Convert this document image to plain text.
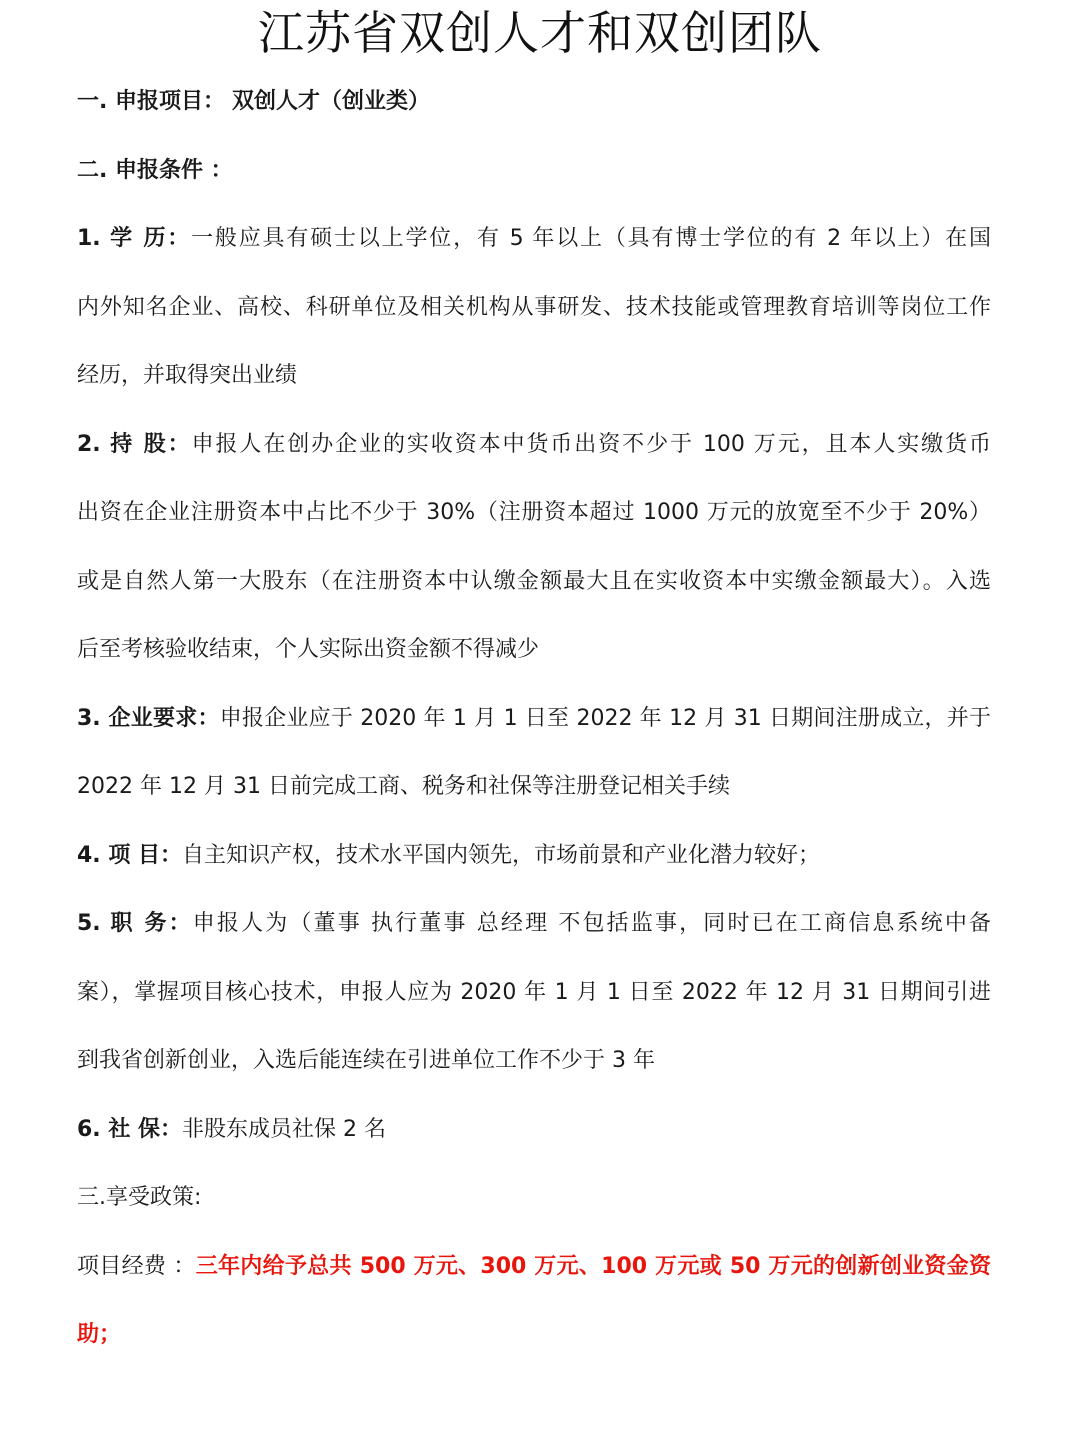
江苏省双创人才和双创团队
一. 申报项目： 双创人才（创业类）
二. 申报条件 ：
1. 学 历：一般应具有硕士以上学位，有 5 年以上（具有博士学位的有 2 年以上）在国
内外知名企业、高校、科研单位及相关机构从事研发、技术技能或管理教育培训等岗位工作
经历，并取得突出业绩
2. 持 股：申报人在创办企业的实收资本中货币出资不少于 100 万元，且本人实缴货币
出资在企业注册资本中占比不少于 30%（注册资本超过 1000 万元的放宽至不少于 20%）
或是自然人第一大股东（在注册资本中认缴金额最大且在实收资本中实缴金额最大）。入选
后至考核验收结束，个人实际出资金额不得减少
3. 企业要求：申报企业应于 2020 年 1 月 1 日至 2022 年 12 月 31 日期间注册成立，并于
2022 年 12 月 31 日前完成工商、税务和社保等注册登记相关手续
4. 项 目：自主知识产权，技术水平国内领先，市场前景和产业化潜力较好；
5. 职 务：申报人为（董事 执行董事 总经理 不包括监事，同时已在工商信息系统中备
案），掌握项目核心技术，申报人应为 2020 年 1 月 1 日至 2022 年 12 月 31 日期间引进
到我省创新创业，入选后能连续在引进单位工作不少于 3 年
6. 社 保：非股东成员社保 2 名
三.享受政策:
项目经费 ：三年内给予总共 500 万元、300 万元、100 万元或 50 万元的创新创业资金资
助；
